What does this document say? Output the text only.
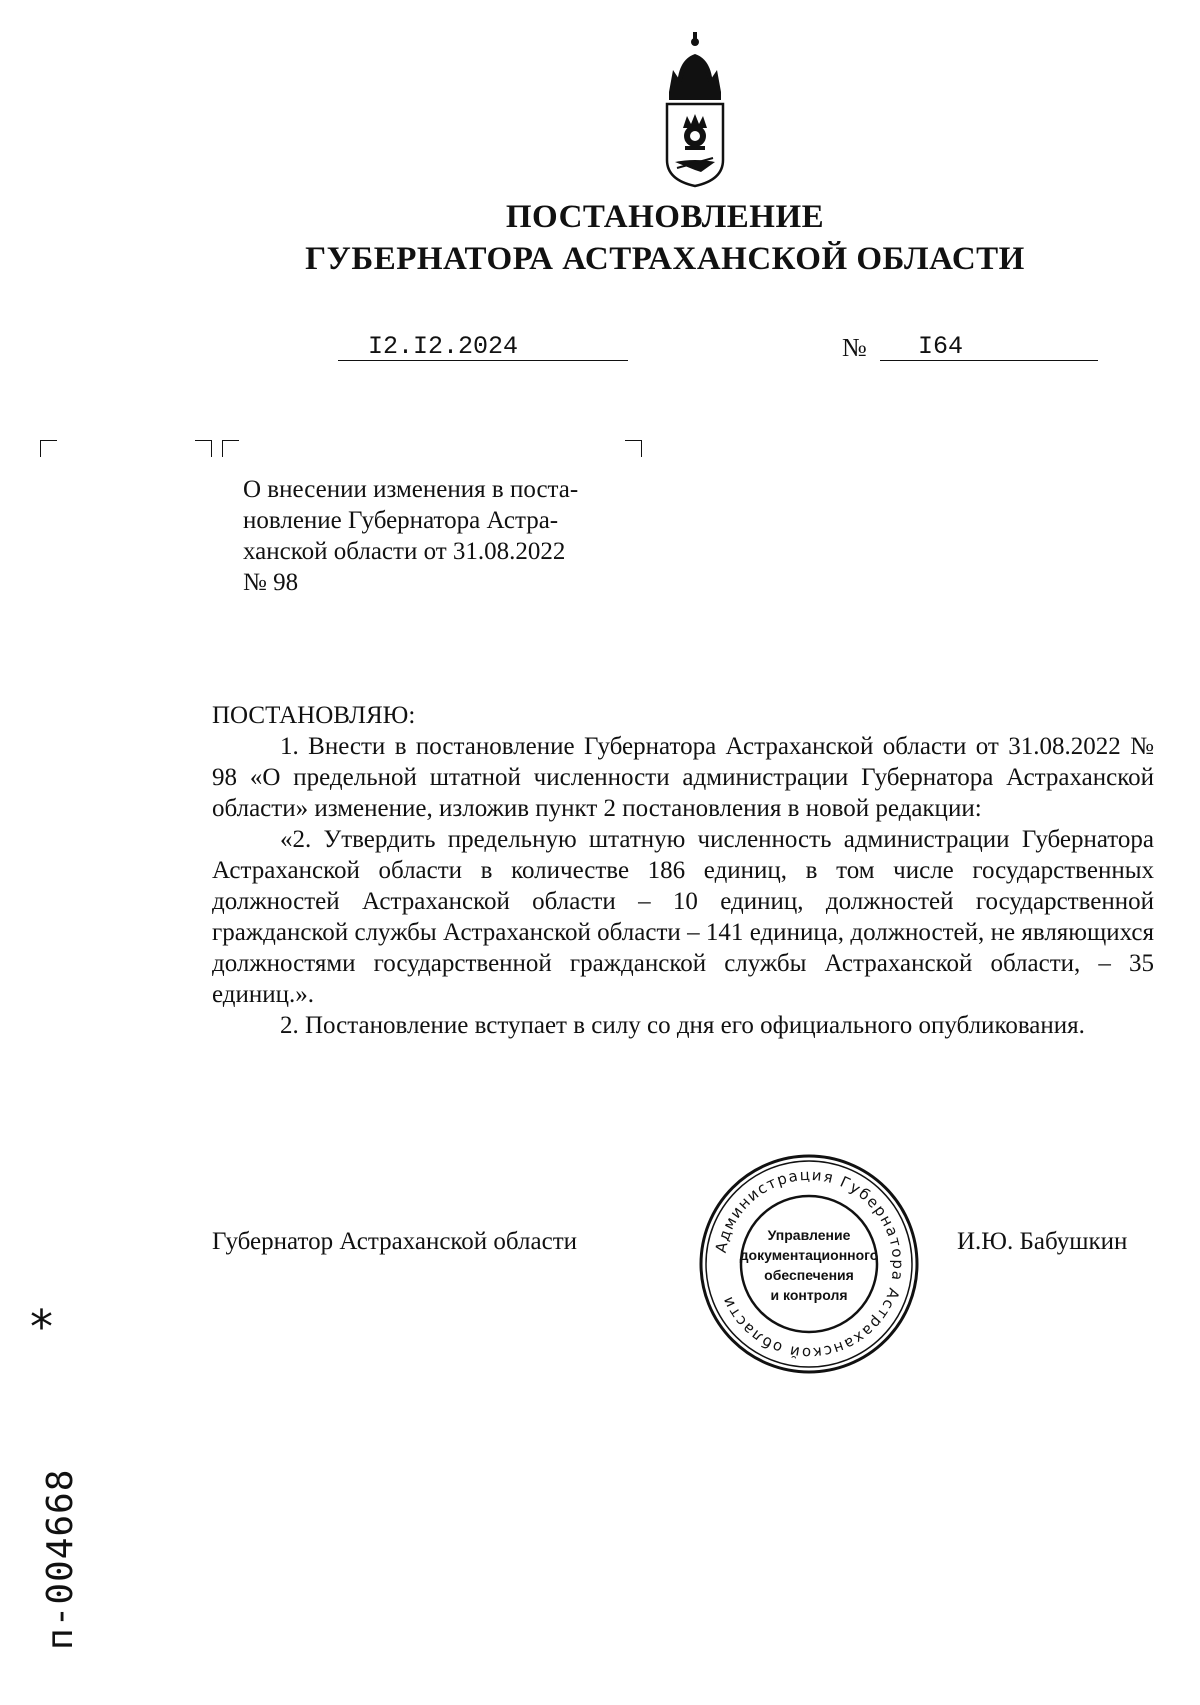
ПОСТАНОВЛЕНИЕ
ГУБЕРНАТОРА АСТРАХАНСКОЙ ОБЛАСТИ
I2.I2.2024	№ I64

О внесении изменения в поста-

новление Губернатора Астра-

ханской области от 31.08.2022

№ 98

ПОСТАНОВЛЯЮ:

1. Внести в постановление Губернатора Астраханской области от 31.08.2022 № 98 «О предельной штатной численности администрации Губернатора Астраханской области» изменение, изложив пункт 2 постановления в новой редакции:

«2. Утвердить предельную штатную численность администрации Губернатора Астраханской области в количестве 186 единиц, в том числе государственных должностей Астраханской области – 10 единиц, должностей государственной гражданской службы Астраханской области – 141 единица, должностей, не являющихся должностями государственной гражданской службы Астраханской области, – 35 единиц.».

2. Постановление вступает в силу со дня его официального опубликования.

Губернатор Астраханской области	И.Ю. Бабушкин
Администрация Губернатора Астраханской области
Управление
документационного
обеспечения
и контроля
*
п-004668
